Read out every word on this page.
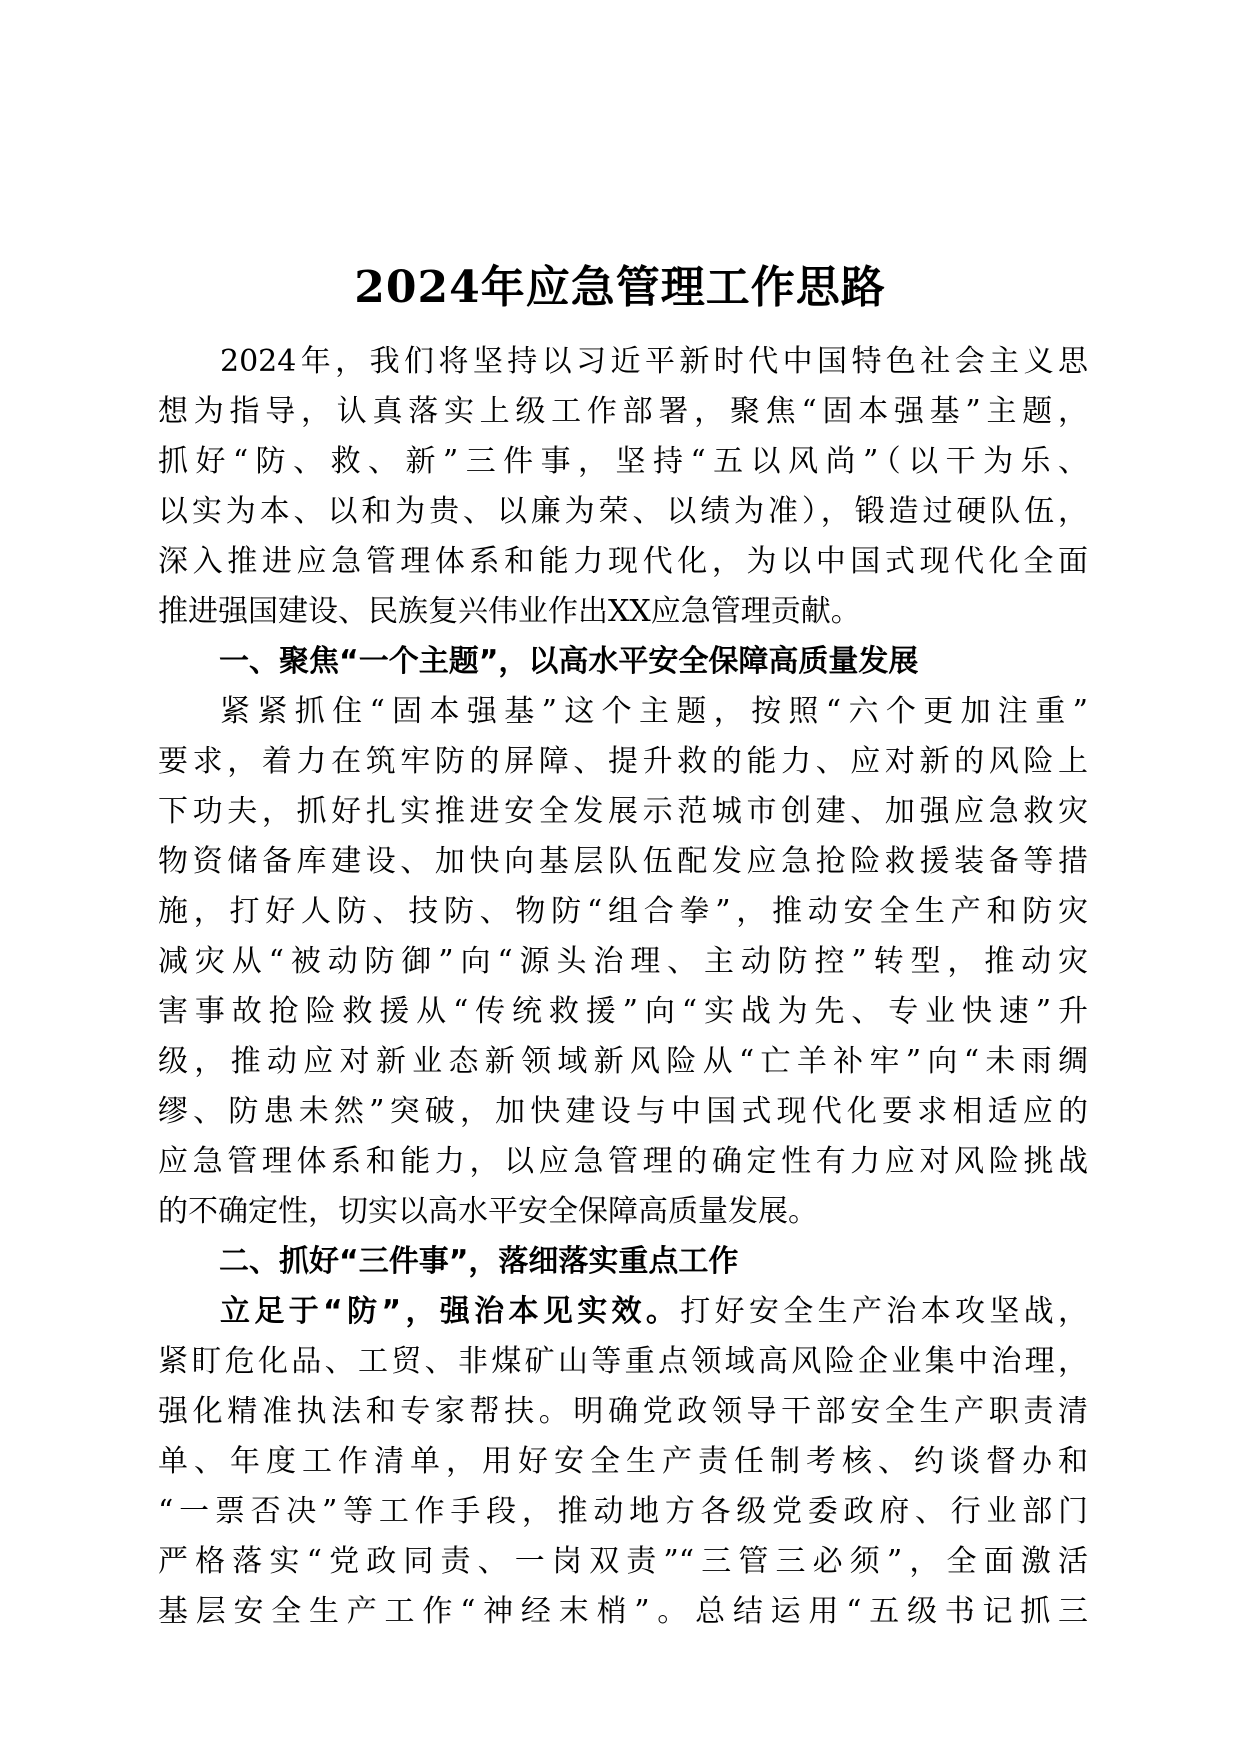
2024年应急管理工作思路
2024年，我们将坚持以习近平新时代中国特色社会主义思
想为指导，认真落实上级工作部署，聚焦“固本强基”主题，
抓好“防、救、新”三件事，坚持“五以风尚”（以干为乐、
以实为本、以和为贵、以廉为荣、以绩为准），锻造过硬队伍，
深入推进应急管理体系和能力现代化，为以中国式现代化全面
推进强国建设、民族复兴伟业作出XX应急管理贡献。
一、聚焦“一个主题”，以高水平安全保障高质量发展
紧紧抓住“固本强基”这个主题，按照“六个更加注重”
要求，着力在筑牢防的屏障、提升救的能力、应对新的风险上
下功夫，抓好扎实推进安全发展示范城市创建、加强应急救灾
物资储备库建设、加快向基层队伍配发应急抢险救援装备等措
施，打好人防、技防、物防“组合拳”，推动安全生产和防灾
减灾从“被动防御”向“源头治理、主动防控”转型，推动灾
害事故抢险救援从“传统救援”向“实战为先、专业快速”升
级，推动应对新业态新领域新风险从“亡羊补牢”向“未雨绸
缪、防患未然”突破，加快建设与中国式现代化要求相适应的
应急管理体系和能力，以应急管理的确定性有力应对风险挑战
的不确定性，切实以高水平安全保障高质量发展。
二、抓好“三件事”，落细落实重点工作
立足于“防”，强治本见实效。打好安全生产治本攻坚战，
紧盯危化品、工贸、非煤矿山等重点领域高风险企业集中治理，
强化精准执法和专家帮扶。明确党政领导干部安全生产职责清
单、年度工作清单，用好安全生产责任制考核、约谈督办和
“一票否决”等工作手段，推动地方各级党委政府、行业部门
严格落实“党政同责、一岗双责”“三管三必须”，全面激活
基层安全生产工作“神经末梢”。总结运用“五级书记抓三
